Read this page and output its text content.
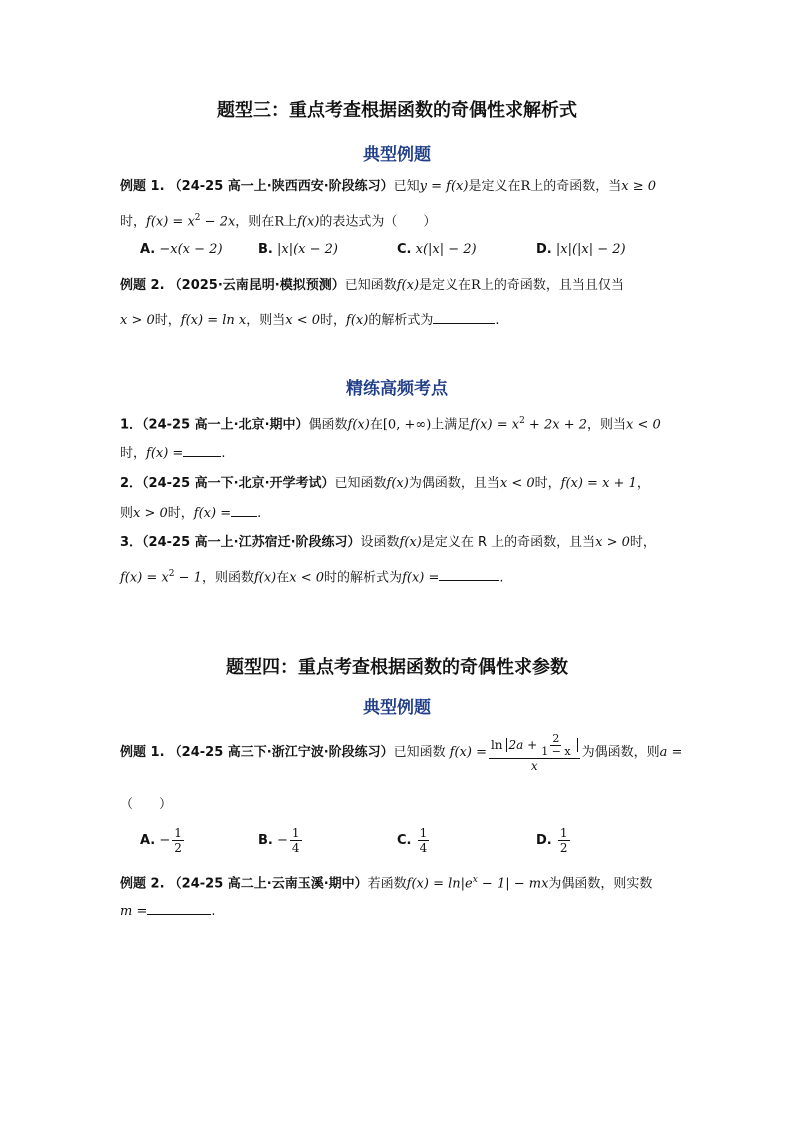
题型三：重点考查根据函数的奇偶性求解析式
典型例题
例题 1. （24-25 高一上·陕西西安·阶段练习）已知y = f(x)是定义在R上的奇函数，当x ≥ 0
时，$f(x) = x^2 - 2x$，则在R上f(x)的表达式为（　　）
A. −x(x − 2)	B. |x|(x − 2)	C. x(|x| − 2)	D. |x|(|x| − 2)
例题 2. （2025·云南昆明·模拟预测）已知函数f(x)是定义在R上的奇函数，且当且仅当
x > 0时，f(x) = ln x，则当x < 0时，f(x)的解析式为	.
精练高频考点
1．（24-25 高一上·北京·期中）偶函数f(x)在[0, +∞)上满足$f(x) = x^2 + 2x + 2$，则当x < 0
时，f(x) =	.
2．（24-25 高一下·北京·开学考试）已知函数f(x)为偶函数，且当x < 0时，f(x) = x + 1，
则x > 0时，f(x) = .
3．（24-25 高一上·江苏宿迁·阶段练习）设函数f(x)是定义在 R 上的奇函数，且当x > 0时，
$f(x) = x^2 - 1$，则函数f(x)在x < 0时的解析式为f(x) =	.
题型四：重点考查根据函数的奇偶性求参数
典型例题
例题 1. （24-25 高三下·浙江宁波·阶段练习）已知函数 $f(x) = \frac{\ln 2a + \frac{2}{1 - x}}{x}$ 为偶函数，则a =
（　　）
A. − $\frac{1}{2}$	B. − $\frac{1}{4}$	C. $\frac{1}{4}$	D. $\frac{1}{2}$
例题 2. （24-25 高二上·云南玉溪·期中）若函数$f(x) = \ln|e^x - 1|$ − mx为偶函数，则实数
m =	.
